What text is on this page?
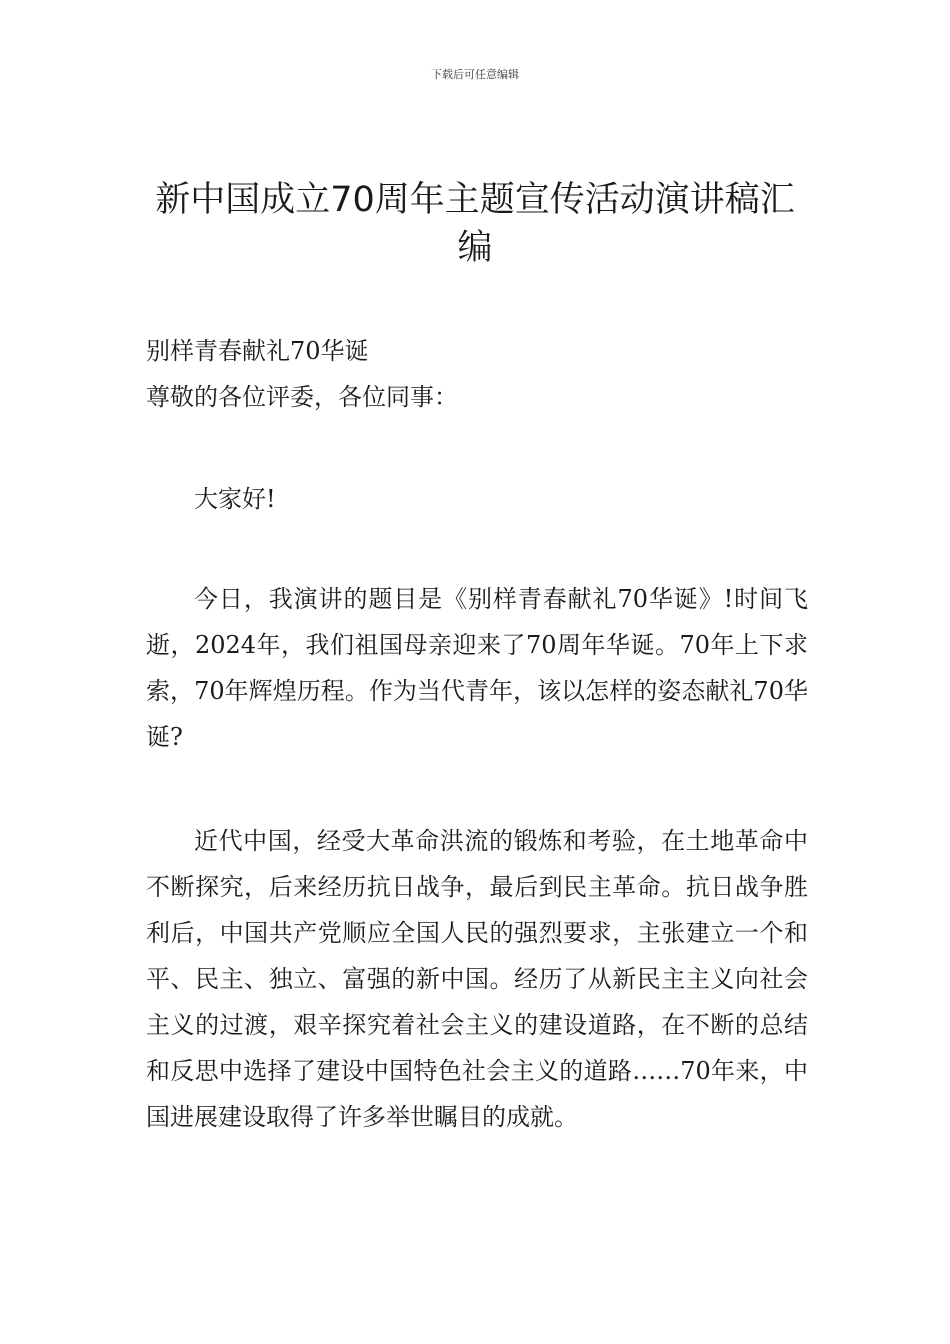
下载后可任意编辑
新中国成立70周年主题宣传活动演讲稿汇编
别样青春献礼70华诞
尊敬的各位评委，各位同事：

大家好!

今日，我演讲的题目是《别样青春献礼70华诞》!时间飞逝，2024年，我们祖国母亲迎来了70周年华诞。70年上下求索，70年辉煌历程。作为当代青年，该以怎样的姿态献礼70华诞?

近代中国，经受大革命洪流的锻炼和考验，在土地革命中不断探究，后来经历抗日战争，最后到民主革命。抗日战争胜利后，中国共产党顺应全国人民的强烈要求，主张建立一个和平、民主、独立、富强的新中国。经历了从新民主主义向社会主义的过渡，艰辛探究着社会主义的建设道路，在不断的总结和反思中选择了建设中国特色社会主义的道路……70年来，中国进展建设取得了许多举世瞩目的成就。
